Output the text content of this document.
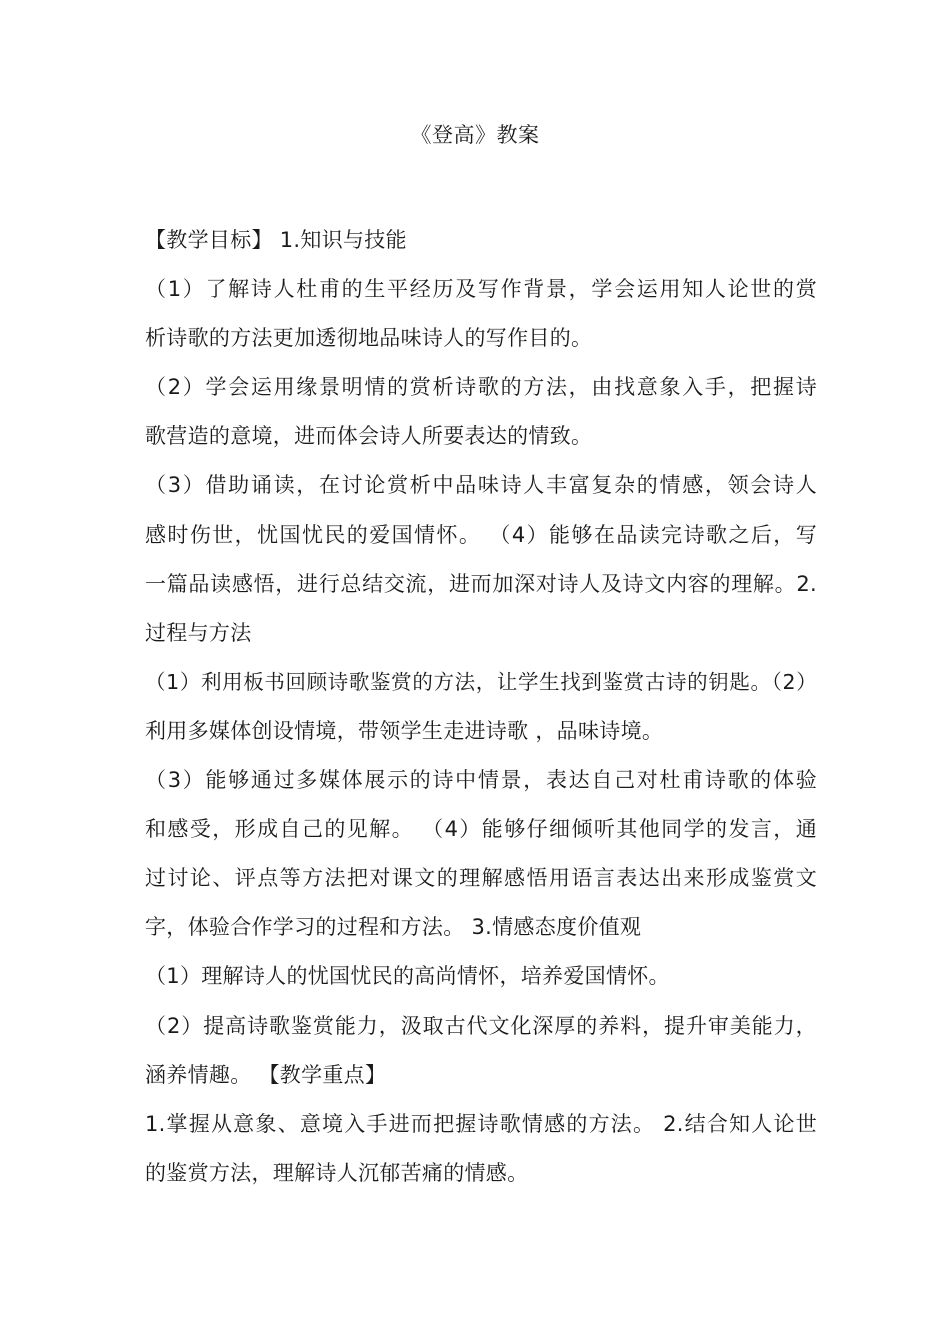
《登高》教案
【教学目标】 1.知识与技能
（1）了解诗人杜甫的生平经历及写作背景，学会运用知人论世的赏
析诗歌的方法更加透彻地品味诗人的写作目的。
（2）学会运用缘景明情的赏析诗歌的方法，由找意象入手，把握诗
歌营造的意境，进而体会诗人所要表达的情致。
（3）借助诵读，在讨论赏析中品味诗人丰富复杂的情感，领会诗人
感时伤世，忧国忧民的爱国情怀。 （4）能够在品读完诗歌之后，写
一篇品读感悟，进行总结交流，进而加深对诗人及诗文内容的理解。2.
过程与方法
（1）利用板书回顾诗歌鉴赏的方法，让学生找到鉴赏古诗的钥匙。（2）
利用多媒体创设情境，带领学生走进诗歌 ，品味诗境。
（3）能够通过多媒体展示的诗中情景，表达自己对杜甫诗歌的体验
和感受，形成自己的见解。 （4）能够仔细倾听其他同学的发言，通
过讨论、评点等方法把对课文的理解感悟用语言表达出来形成鉴赏文
字，体验合作学习的过程和方法。 3.情感态度价值观
（1）理解诗人的忧国忧民的高尚情怀，培养爱国情怀。
（2）提高诗歌鉴赏能力，汲取古代文化深厚的养料，提升审美能力，
涵养情趣。 【教学重点】
1.掌握从意象、意境入手进而把握诗歌情感的方法。 2.结合知人论世
的鉴赏方法，理解诗人沉郁苦痛的情感。
